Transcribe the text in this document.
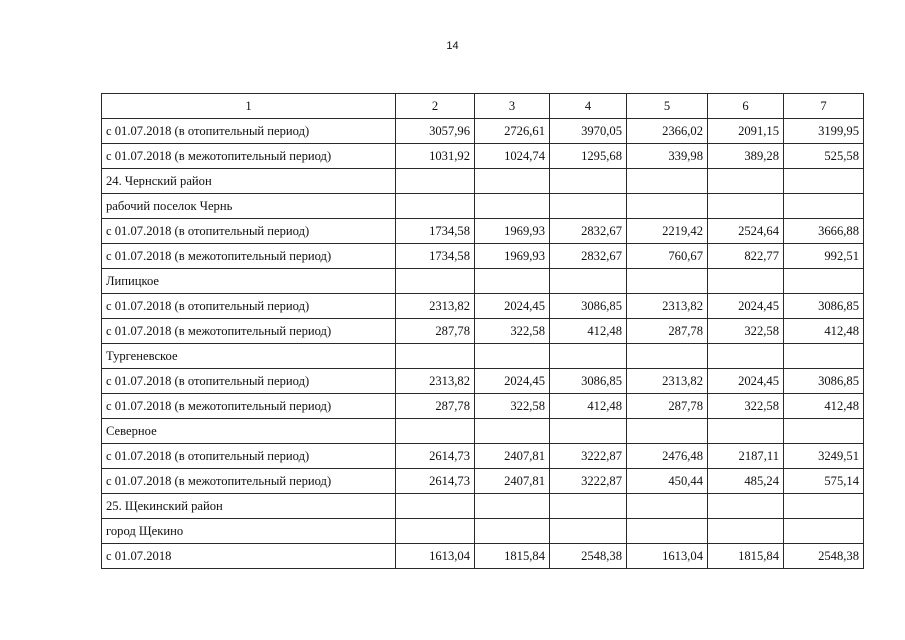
14
1	2	3	4	5	6	7
с 01.07.2018 (в отопительный период)	3057,96	2726,61	3970,05	2366,02	2091,15	3199,95
с 01.07.2018 (в межотопительный период)	1031,92	1024,74	1295,68	339,98	389,28	525,58
24. Чернский район						
рабочий поселок Чернь						
с 01.07.2018 (в отопительный период)	1734,58	1969,93	2832,67	2219,42	2524,64	3666,88
с 01.07.2018 (в межотопительный период)	1734,58	1969,93	2832,67	760,67	822,77	992,51
Липицкое						
с 01.07.2018 (в отопительный период)	2313,82	2024,45	3086,85	2313,82	2024,45	3086,85
с 01.07.2018 (в межотопительный период)	287,78	322,58	412,48	287,78	322,58	412,48
Тургеневское						
с 01.07.2018 (в отопительный период)	2313,82	2024,45	3086,85	2313,82	2024,45	3086,85
с 01.07.2018 (в межотопительный период)	287,78	322,58	412,48	287,78	322,58	412,48
Северное						
с 01.07.2018 (в отопительный период)	2614,73	2407,81	3222,87	2476,48	2187,11	3249,51
с 01.07.2018 (в межотопительный период)	2614,73	2407,81	3222,87	450,44	485,24	575,14
25. Щекинский район						
город Щекино						
с 01.07.2018	1613,04	1815,84	2548,38	1613,04	1815,84	2548,38
